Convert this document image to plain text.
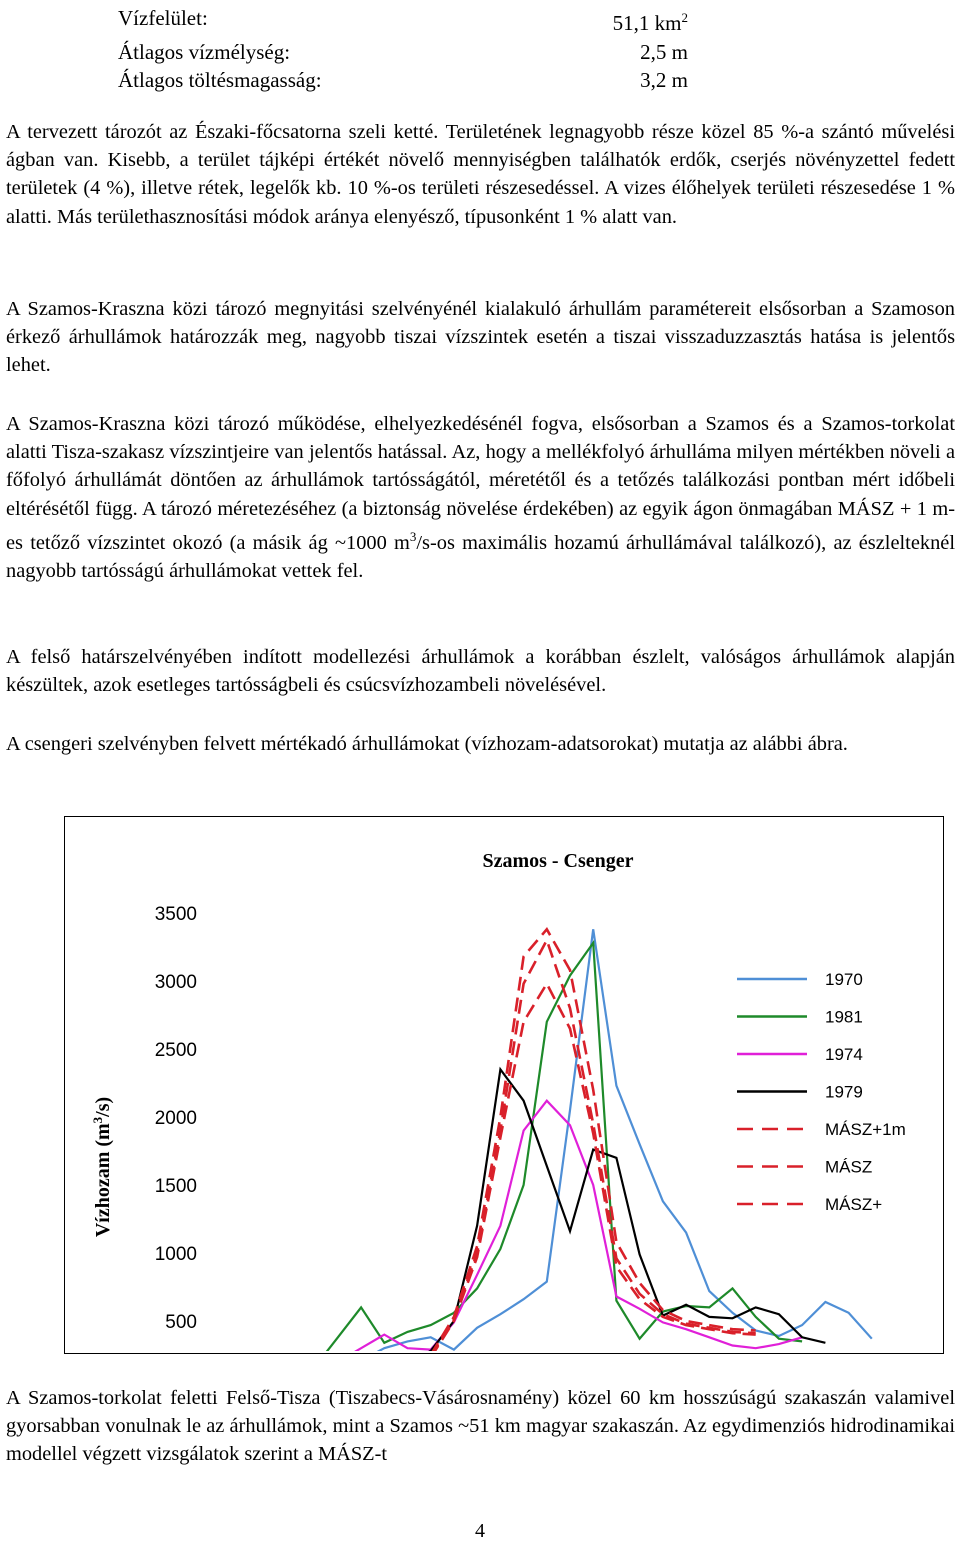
Vízfelület:	51,1 $km^2$
Átlagos vízmélység:	2,5 m
Átlagos töltésmagasság:	3,2 m

A tervezett tározót az Északi-főcsatorna szeli ketté. Területének legnagyobb része közel 85 %-a szántó művelési ágban van. Kisebb, a terület tájképi értékét növelő mennyiségben találhatók erdők, cserjés növényzettel fedett területek (4 %), illetve rétek, legelők kb. 10 %-os területi részesedéssel. A vizes élőhelyek területi részesedése 1 % alatti. Más területhasznosítási módok aránya elenyésző, típusonként 1 % alatt van.

A Szamos-Kraszna közi tározó megnyitási szelvényénél kialakuló árhullám paramétereit elsősorban a Szamoson érkező árhullámok határozzák meg, nagyobb tiszai vízszintek esetén a tiszai visszaduzzasztás hatása is jelentős lehet.

A Szamos-Kraszna közi tározó működése, elhelyezkedésénél fogva, elsősorban a Szamos és a Szamos-torkolat alatti Tisza-szakasz vízszintjeire van jelentős hatással. Az, hogy a mellékfolyó árhulláma milyen mértékben növeli a főfolyó árhullámát döntően az árhullámok tartósságától, méretétől és a tetőzés találkozási pontban mért időbeli eltérésétől függ. A tározó méretezéséhez (a biztonság növelése érdekében) az egyik ágon önmagában MÁSZ + 1 m-es tetőző vízszintet okozó (a másik ág ~1000 $m^3/s-os$ maximális hozamú árhullámával találkozó), az észlelteknél nagyobb tartósságú árhullámokat vettek fel.

A felső határszelvényében indított modellezési árhullámok a korábban észlelt, valóságos árhullámok alapján készültek, azok esetleges tartósságbeli és csúcsvízhozambeli növelésével.

A csengeri szelvényben felvett mértékadó árhullámokat (vízhozam-adatsorokat) mutatja az alábbi ábra.

Szamos - Csenger
Vízhozam $(m^3/s)$
500
1000
1500
2000
2500
3000
3500
1970
1981
1974
1979
MÁSZ+1m
MÁSZ
MÁSZ+

A Szamos-torkolat feletti Felső-Tisza (Tiszabecs-Vásárosnamény) közel 60 km hosszúságú szakaszán valamivel gyorsabban vonulnak le az árhullámok, mint a Szamos ~51 km magyar szakaszán. Az egydimenziós hidrodinamikai modellel végzett vizsgálatok szerint a MÁSZ-t

4
